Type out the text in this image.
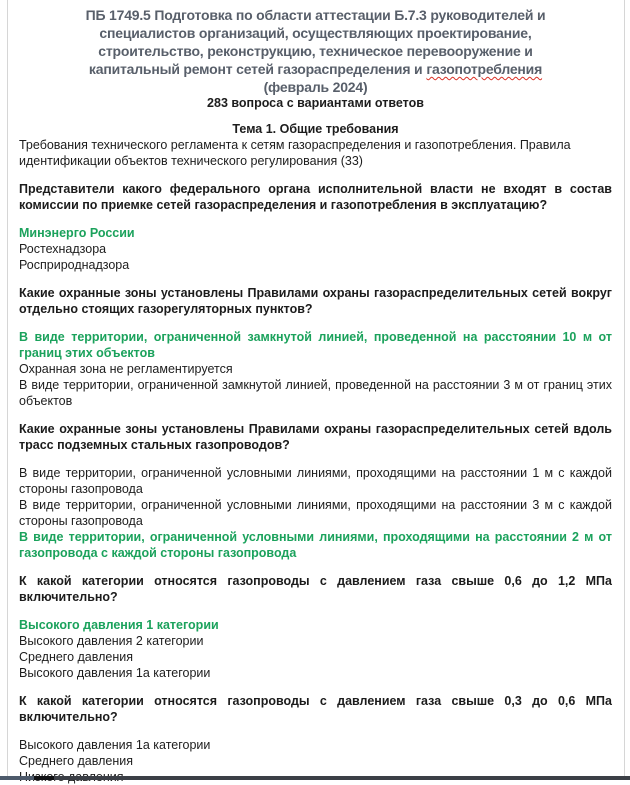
ПБ 1749.5 Подготовка по области аттестации Б.7.3 руководителей и
специалистов организаций, осуществляющих проектирование,
строительство, реконструкцию, техническое перевооружение и
капитальный ремонт сетей газораспределения и газопотребления
(февраль 2024)
283 вопроса с вариантами ответов
Тема 1. Общие требования
Требования технического регламента к сетям газораспределения и газопотребления. Правила идентификации объектов технического регулирования (33)
Представители какого федерального органа исполнительной власти не входят в состав комиссии по приемке сетей газораспределения и газопотребления в эксплуатацию?
Минэнерго России
Ростехнадзора
Росприроднадзора
Какие охранные зоны установлены Правилами охраны газораспределительных сетей вокруг отдельно стоящих газорегуляторных пунктов?
В виде территории, ограниченной замкнутой линией, проведенной на расстоянии 10 м от границ этих объектов
Охранная зона не регламентируется
В виде территории, ограниченной замкнутой линией, проведенной на расстоянии 3 м от границ этих объектов
Какие охранные зоны установлены Правилами охраны газораспределительных сетей вдоль трасс подземных стальных газопроводов?
В виде территории, ограниченной условными линиями, проходящими на расстоянии 1 м с каждой стороны газопровода
В виде территории, ограниченной условными линиями, проходящими на расстоянии 3 м с каждой стороны газопровода
В виде территории, ограниченной условными линиями, проходящими на расстоянии 2 м от газопровода с каждой стороны газопровода
К какой категории относятся газопроводы с давлением газа свыше 0,6 до 1,2 МПа включительно?
Высокого давления 1 категории
Высокого давления 2 категории
Среднего давления
Высокого давления 1а категории
К какой категории относятся газопроводы с давлением газа свыше 0,3 до 0,6 МПа включительно?
Высокого давления 1а категории
Среднего давления
